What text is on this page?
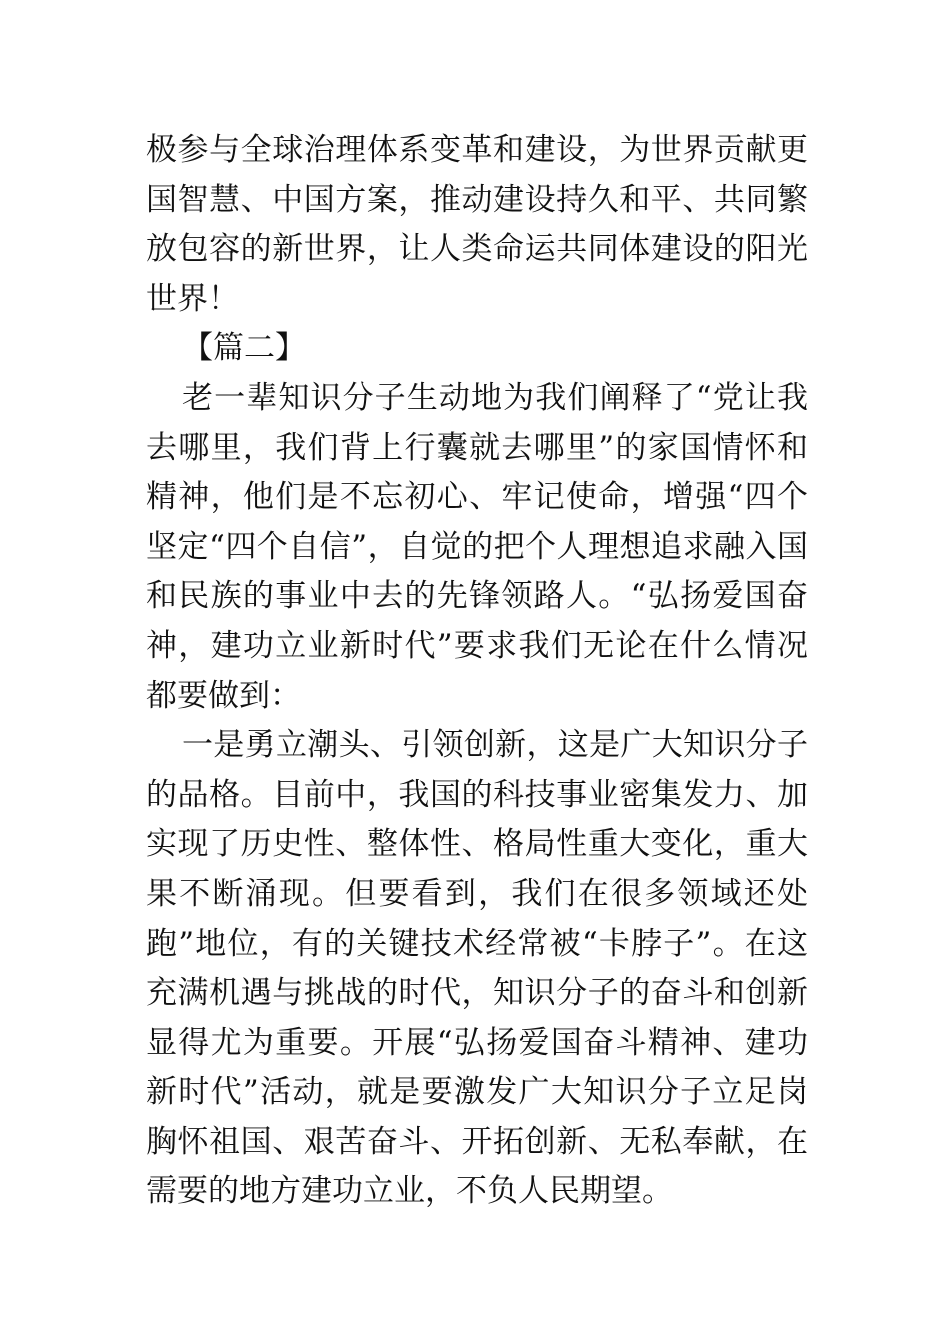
极参与全球治理体系变革和建设，为世界贡献更
国智慧、中国方案，推动建设持久和平、共同繁
放包容的新世界，让人类命运共同体建设的阳光
世界！
【篇二】
老一辈知识分子生动地为我们阐释了“党让我
去哪里，我们背上行囊就去哪里”的家国情怀和
精神，他们是不忘初心、牢记使命，增强“四个
坚定“四个自信”，自觉的把个人理想追求融入国
和民族的事业中去的先锋领路人。“弘扬爱国奋
神，建功立业新时代”要求我们无论在什么情况
都要做到：
一是勇立潮头、引领创新，这是广大知识分子
的品格。目前中，我国的科技事业密集发力、加
实现了历史性、整体性、格局性重大变化，重大
果不断涌现。但要看到，我们在很多领域还处
跑”地位，有的关键技术经常被“卡脖子”。在这
充满机遇与挑战的时代，知识分子的奋斗和创新
显得尤为重要。开展“弘扬爱国奋斗精神、建功
新时代”活动，就是要激发广大知识分子立足岗
胸怀祖国、艰苦奋斗、开拓创新、无私奉献，在
需要的地方建功立业，不负人民期望。
